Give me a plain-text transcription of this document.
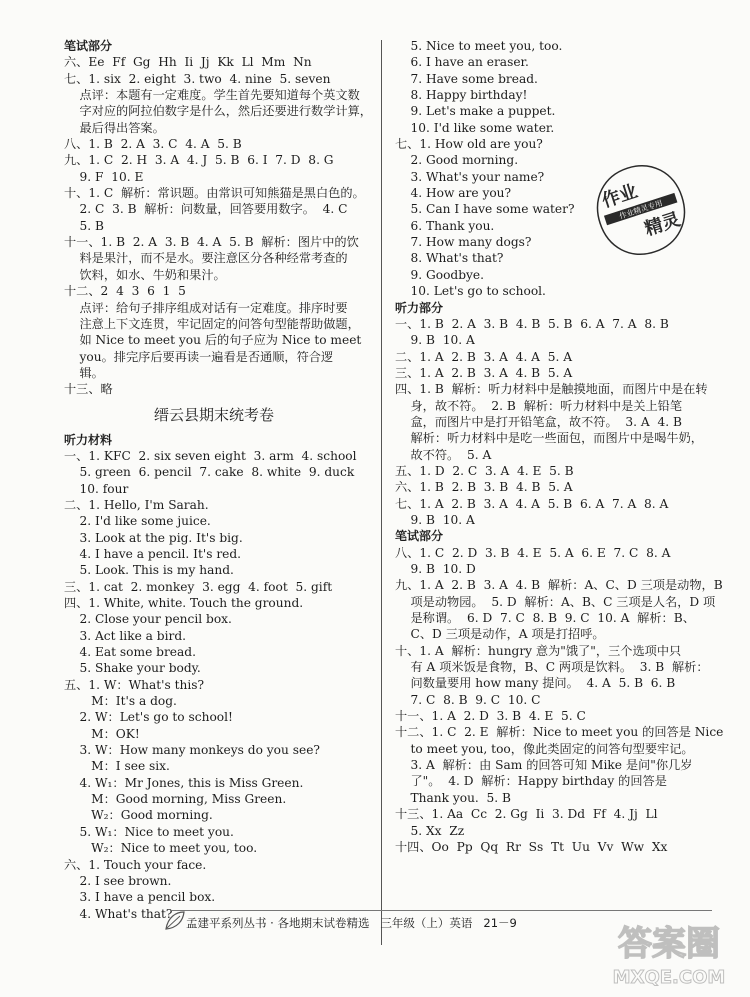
笔试部分
六、Ee  Ff  Gg  Hh  Ii  Jj  Kk  Ll  Mm  Nn
七、1. six  2. eight  3. two  4. nine  5. seven
点评：本题有一定难度。学生首先要知道每个英文数
字对应的阿拉伯数字是什么，然后还要进行数学计算，
最后得出答案。
八、1. B  2. A  3. C  4. A  5. B
九、1. C  2. H  3. A  4. J  5. B  6. I  7. D  8. G
9. F  10. E
十、1. C  解析：常识题。由常识可知熊猫是黑白色的。
2. C  3. B  解析：问数量，回答要用数字。  4. C
5. B
十一、1. B  2. A  3. B  4. A  5. B  解析：图片中的饮
料是果汁，而不是水。要注意区分各种经常考查的
饮料，如水、牛奶和果汁。
十二、2  4  3  6  1  5
点评：给句子排序组成对话有一定难度。排序时要
注意上下文连贯，牢记固定的问答句型能帮助做题，
如 Nice to meet you 后的句子应为 Nice to meet
you。排完序后要再读一遍看是否通顺，符合逻
辑。
十三、略
缙云县期末统考卷
听力材料
一、1. KFC  2. six seven eight  3. arm  4. school
5. green  6. pencil  7. cake  8. white  9. duck
10. four
二、1. Hello, I'm Sarah.
2. I'd like some juice.
3. Look at the pig. It's big.
4. I have a pencil. It's red.
5. Look. This is my hand.
三、1. cat  2. monkey  3. egg  4. foot  5. gift
四、1. White, white. Touch the ground.
2. Close your pencil box.
3. Act like a bird.
4. Eat some bread.
5. Shake your body.
五、1. W：What's this?
M：It's a dog.
2. W：Let's go to school!
M：OK!
3. W：How many monkeys do you see?
M：I see six.
4. W₁：Mr Jones, this is Miss Green.
M：Good morning, Miss Green.
W₂：Good morning.
5. W₁：Nice to meet you.
W₂：Nice to meet you, too.
六、1. Touch your face.
2. I see brown.
3. I have a pencil box.
4. What's that?
5. Nice to meet you, too.
6. I have an eraser.
7. Have some bread.
8. Happy birthday!
9. Let's make a puppet.
10. I'd like some water.
七、1. How old are you?
2. Good morning.
3. What's your name?
4. How are you?
5. Can I have some water?
6. Thank you.
7. How many dogs?
8. What's that?
9. Goodbye.
10. Let's go to school.
听力部分
一、1. B  2. A  3. B  4. B  5. B  6. A  7. A  8. B
9. B  10. A
二、1. A  2. B  3. A  4. A  5. A
三、1. A  2. B  3. A  4. B  5. A
四、1. B  解析：听力材料中是触摸地面，而图片中是在转
身，故不符。  2. B  解析：听力材料中是关上铅笔
盒，而图片中是打开铅笔盒，故不符。  3. A  4. B
解析：听力材料中是吃一些面包，而图片中是喝牛奶，
故不符。  5. A
五、1. D  2. C  3. A  4. E  5. B
六、1. B  2. B  3. B  4. B  5. A
七、1. A  2. B  3. A  4. A  5. B  6. A  7. A  8. A
9. B  10. A
笔试部分
八、1. C  2. D  3. B  4. E  5. A  6. E  7. C  8. A
9. B  10. D
九、1. A  2. B  3. A  4. B  解析：A、C、D 三项是动物，B
项是动物园。  5. D  解析：A、B、C 三项是人名，D 项
是称谓。  6. D  7. C  8. B  9. C  10. A  解析：B、
C、D 三项是动作，A 项是打招呼。
十、1. A  解析：hungry 意为"饿了"，三个选项中只
有 A 项米饭是食物，B、C 两项是饮料。  3. B  解析：
问数量要用 how many 提问。  4. A  5. B  6. B
7. C  8. B  9. C  10. C
十一、1. A  2. D  3. B  4. E  5. C
十二、1. C  2. E  解析：Nice to meet you 的回答是 Nice
to meet you, too，像此类固定的问答句型要牢记。
3. A  解析：由 Sam 的回答可知 Mike 是问"你几岁
了"。  4. D  解析：Happy birthday 的回答是
Thank you.  5. B
十三、1. Aa  Cc  2. Gg  Ii  3. Dd  Ff  4. Jj  Ll
5. Xx  Zz
十四、Oo  Pp  Qq  Rr  Ss  Tt  Uu  Vv  Ww  Xx
作业精灵专用
作业
精灵
孟建平系列丛书 · 各地期末试卷精选   三年级（上）英语   21－9
答案圈
MXQE.COM
